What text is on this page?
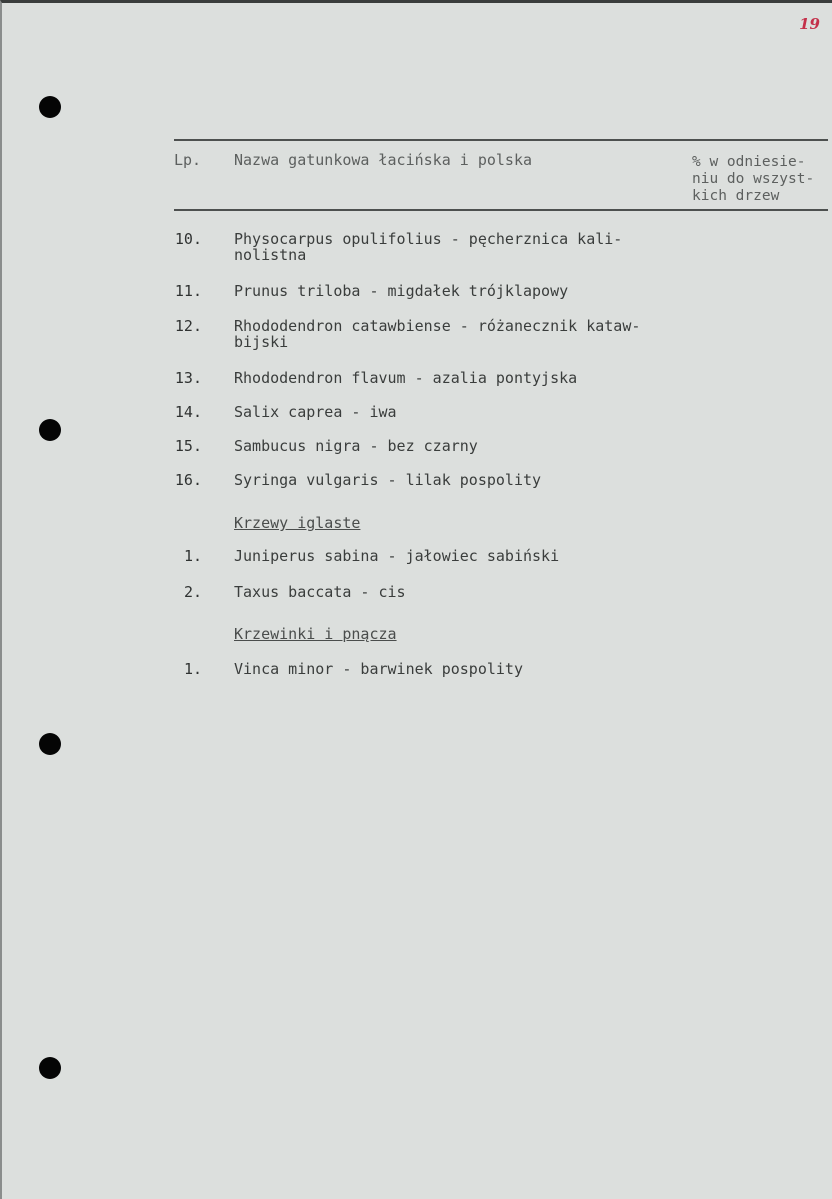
19
Lp. Nazwa gatunkowa łacińska i polska	% w odniesie-
niu do wszyst-
kich drzew
10. Physocarpus opulifolius - pęcherznica kali-
nolistna
11. Prunus triloba - migdałek trójklapowy
12. Rhododendron catawbiense - różanecznik kataw-
bijski
13. Rhododendron flavum - azalia pontyjska
14. Salix caprea - iwa
15. Sambucus nigra - bez czarny
16. Syringa vulgaris - lilak pospolity
Krzewy iglaste
1. Juniperus sabina - jałowiec sabiński
2. Taxus baccata - cis
Krzewinki i pnącza
1. Vinca minor - barwinek pospolity
